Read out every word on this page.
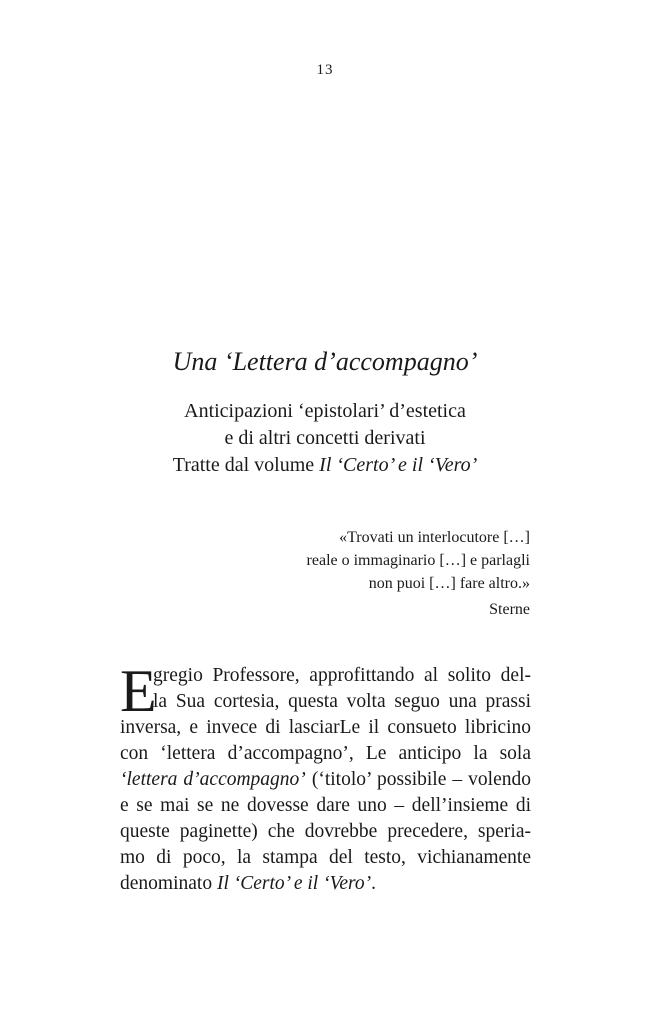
13
Una ‘Lettera d’accompagno’
Anticipazioni ‘epistolari’ d’estetica
e di altri concetti derivati
Tratte dal volume Il ‘Certo’ e il ‘Vero’
«Trovati un interlocutore […]
reale o immaginario […] e parlagli
non puoi […] fare altro.»
Sterne
E
gregio Professore, approfittando al solito del-
la Sua cortesia, questa volta seguo una prassi
inversa, e invece di lasciarLe il consueto libricino
con ‘lettera d’accompagno’, Le anticipo la sola
‘lettera d’accompagno’ (‘titolo’ possibile – volendo
e se mai se ne dovesse dare uno – dell’insieme di
queste paginette) che dovrebbe precedere, speria-
mo di poco, la stampa del testo, vichianamente
denominato Il ‘Certo’ e il ‘Vero’.
